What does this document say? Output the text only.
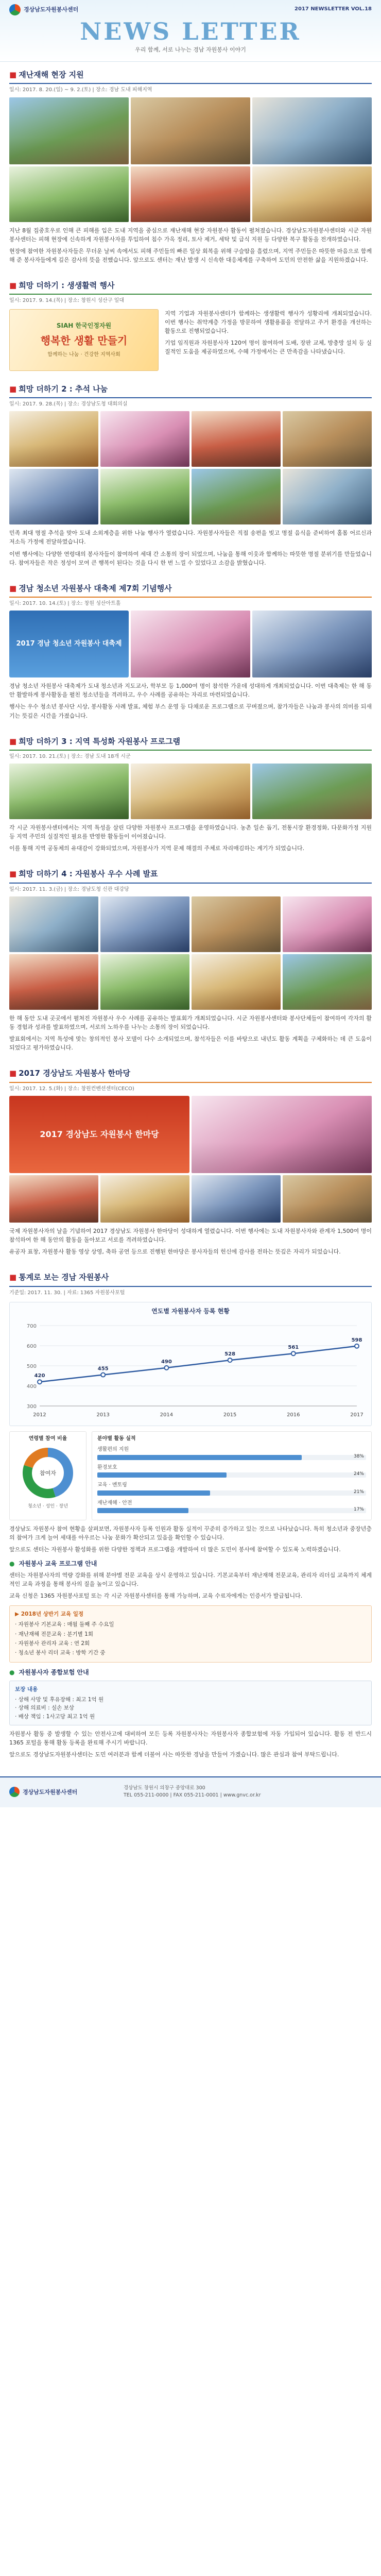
경상남도자원봉사센터	2017 NEWSLETTER VOL.18
NEWS LETTER
우리 함께, 서로 나누는 경남 자원봉사 이야기
■ 재난재해 현장 지원
일시: 2017. 8. 20.(일) ~ 9. 2.(토) | 장소: 경남 도내 피해지역

지난 8월 집중호우로 인해 큰 피해를 입은 도내 지역을 중심으로 재난재해 현장 자원봉사 활동이 펼쳐졌습니다. 경상남도자원봉사센터와 시군 자원봉사센터는 피해 현장에 신속하게 자원봉사자를 투입하여 침수 가옥 정리, 토사 제거, 세탁 및 급식 지원 등 다양한 복구 활동을 전개하였습니다.

현장에 참여한 자원봉사자들은 무더운 날씨 속에서도 피해 주민들의 빠른 일상 회복을 위해 구슬땀을 흘렸으며, 지역 주민들은 따뜻한 마음으로 함께해 준 봉사자들에게 깊은 감사의 뜻을 전했습니다. 앞으로도 센터는 재난 발생 시 신속한 대응체계를 구축하여 도민의 안전한 삶을 지원하겠습니다.

■ 희망 더하기 : 생생활력 행사
일시: 2017. 9. 14.(목) | 장소: 창원시 성산구 일대
SIAH 한국인정자원
행복한 생활 만들기
함께하는 나눔 · 건강한 지역사회

지역 기업과 자원봉사센터가 함께하는 생생활력 행사가 성황리에 개최되었습니다. 이번 행사는 취약계층 가정을 방문하여 생활용품을 전달하고 주거 환경을 개선하는 활동으로 진행되었습니다.

기업 임직원과 자원봉사자 120여 명이 참여하여 도배, 장판 교체, 방충망 설치 등 실질적인 도움을 제공하였으며, 수혜 가정에서는 큰 만족감을 나타냈습니다.

■ 희망 더하기 2 : 추석 나눔
일시: 2017. 9. 28.(목) | 장소: 경상남도청 대회의실

민족 최대 명절 추석을 맞아 도내 소외계층을 위한 나눔 행사가 열렸습니다. 자원봉사자들은 직접 송편을 빚고 명절 음식을 준비하여 홀몸 어르신과 저소득 가정에 전달하였습니다.

이번 행사에는 다양한 연령대의 봉사자들이 참여하여 세대 간 소통의 장이 되었으며, 나눔을 통해 이웃과 함께하는 따뜻한 명절 분위기를 만들었습니다. 참여자들은 작은 정성이 모여 큰 행복이 된다는 것을 다시 한 번 느낄 수 있었다고 소감을 밝혔습니다.

■ 경남 청소년 자원봉사 대축제 제7회 기념행사
일시: 2017. 10. 14.(토) | 장소: 창원 성산아트홀
2017 경남 청소년 자원봉사 대축제

경남 청소년 자원봉사 대축제가 도내 청소년과 지도교사, 학부모 등 1,000여 명이 참석한 가운데 성대하게 개최되었습니다. 이번 대축제는 한 해 동안 활발하게 봉사활동을 펼친 청소년들을 격려하고, 우수 사례를 공유하는 자리로 마련되었습니다.

행사는 우수 청소년 봉사단 시상, 봉사활동 사례 발표, 체험 부스 운영 등 다채로운 프로그램으로 꾸며졌으며, 참가자들은 나눔과 봉사의 의미를 되새기는 뜻깊은 시간을 가졌습니다.

■ 희망 더하기 3 : 지역 특성화 자원봉사 프로그램
일시: 2017. 10. 21.(토) | 장소: 경남 도내 18개 시군

각 시군 자원봉사센터에서는 지역 특성을 살린 다양한 자원봉사 프로그램을 운영하였습니다. 농촌 일손 돕기, 전통시장 환경정화, 다문화가정 지원 등 지역 주민의 실질적인 필요를 반영한 활동들이 이어졌습니다.

이를 통해 지역 공동체의 유대감이 강화되었으며, 자원봉사가 지역 문제 해결의 주체로 자리매김하는 계기가 되었습니다.

■ 희망 더하기 4 : 자원봉사 우수 사례 발표
일시: 2017. 11. 3.(금) | 장소: 경남도청 신관 대강당

한 해 동안 도내 곳곳에서 펼쳐진 자원봉사 우수 사례를 공유하는 발표회가 개최되었습니다. 시군 자원봉사센터와 봉사단체들이 참여하여 각자의 활동 경험과 성과를 발표하였으며, 서로의 노하우를 나누는 소통의 장이 되었습니다.

발표회에서는 지역 특성에 맞는 창의적인 봉사 모델이 다수 소개되었으며, 참석자들은 이를 바탕으로 내년도 활동 계획을 구체화하는 데 큰 도움이 되었다고 평가하였습니다.

■ 2017 경상남도 자원봉사 한마당
일시: 2017. 12. 5.(화) | 장소: 창원컨벤션센터(CECO)
2017 경상남도 자원봉사 한마당

국제 자원봉사자의 날을 기념하여 2017 경상남도 자원봉사 한마당이 성대하게 열렸습니다. 이번 행사에는 도내 자원봉사자와 관계자 1,500여 명이 참석하여 한 해 동안의 활동을 돌아보고 서로를 격려하였습니다.

유공자 표창, 자원봉사 활동 영상 상영, 축하 공연 등으로 진행된 한마당은 봉사자들의 헌신에 감사를 전하는 뜻깊은 자리가 되었습니다.

■ 통계로 보는 경남 자원봉사
기준일: 2017. 11. 30. | 자료: 1365 자원봉사포털
연도별 자원봉사자 등록 현황
300
400
500
600
700
2012	2013	2014	2015	2016	2017
420
455
490
528
561
598
연령별 참여 비율
참여자
청소년 · 성인 · 장년
분야별 활동 실적
생활편의 지원
38%
환경보호
24%
교육 · 멘토링
21%
재난재해 · 안전
17%

경상남도 자원봉사 참여 현황을 살펴보면, 자원봉사자 등록 인원과 활동 실적이 꾸준히 증가하고 있는 것으로 나타났습니다. 특히 청소년과 중장년층의 참여가 크게 늘어 세대를 아우르는 나눔 문화가 확산되고 있음을 확인할 수 있습니다.

앞으로도 센터는 자원봉사 활성화를 위한 다양한 정책과 프로그램을 개발하여 더 많은 도민이 봉사에 참여할 수 있도록 노력하겠습니다.

● 자원봉사 교육 프로그램 안내

센터는 자원봉사자의 역량 강화를 위해 분야별 전문 교육을 상시 운영하고 있습니다. 기본교육부터 재난재해 전문교육, 관리자 리더십 교육까지 체계적인 교육 과정을 통해 봉사의 질을 높이고 있습니다.

교육 신청은 1365 자원봉사포털 또는 각 시군 자원봉사센터를 통해 가능하며, 교육 수료자에게는 인증서가 발급됩니다.

▶ 2018년 상반기 교육 일정
· 자원봉사 기본교육 : 매월 둘째 주 수요일
· 재난재해 전문교육 : 분기별 1회
· 자원봉사 관리자 교육 : 연 2회
· 청소년 봉사 리더 교육 : 방학 기간 중
● 자원봉사자 종합보험 안내
보장 내용
· 상해 사망 및 후유장해 : 최고 1억 원
· 상해 의료비 : 실손 보상
· 배상 책임 : 1사고당 최고 1억 원

자원봉사 활동 중 발생할 수 있는 안전사고에 대비하여 모든 등록 자원봉사자는 자원봉사자 종합보험에 자동 가입되어 있습니다. 활동 전 반드시 1365 포털을 통해 활동 등록을 완료해 주시기 바랍니다.

앞으로도 경상남도자원봉사센터는 도민 여러분과 함께 더불어 사는 따뜻한 경남을 만들어 가겠습니다. 많은 관심과 참여 부탁드립니다.

경상남도자원봉사센터
경상남도 창원시 의창구 중앙대로 300
TEL 055-211-0000 | FAX 055-211-0001 | www.gnvc.or.kr
